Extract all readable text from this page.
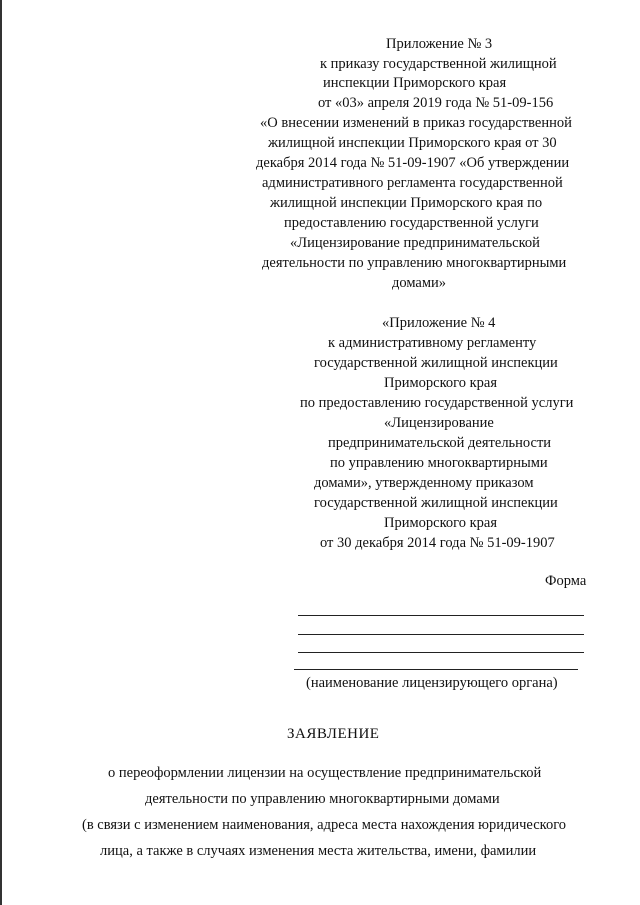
Приложение № 3
к приказу государственной жилищной
инспекции Приморского края
от «03» апреля 2019 года № 51-09-156
«О внесении изменений в приказ государственной
жилищной инспекции Приморского края от 30
декабря 2014 года № 51-09-1907 «Об утверждении
административного регламента государственной
жилищной инспекции Приморского края по
предоставлению государственной услуги
«Лицензирование предпринимательской
деятельности по управлению многоквартирными
домами»
«Приложение № 4
к административному регламенту
государственной жилищной инспекции
Приморского края
по предоставлению государственной услуги
«Лицензирование
предпринимательской деятельности
по управлению многоквартирными
домами», утвержденному приказом
государственной жилищной инспекции
Приморского края
от 30 декабря 2014 года № 51-09-1907
Форма
(наименование лицензирующего органа)
ЗАЯВЛЕНИЕ
о переоформлении лицензии на осуществление предпринимательской
деятельности по управлению многоквартирными домами
(в связи с изменением наименования, адреса места нахождения юридического
лица, а также в случаях изменения места жительства, имени, фамилии
